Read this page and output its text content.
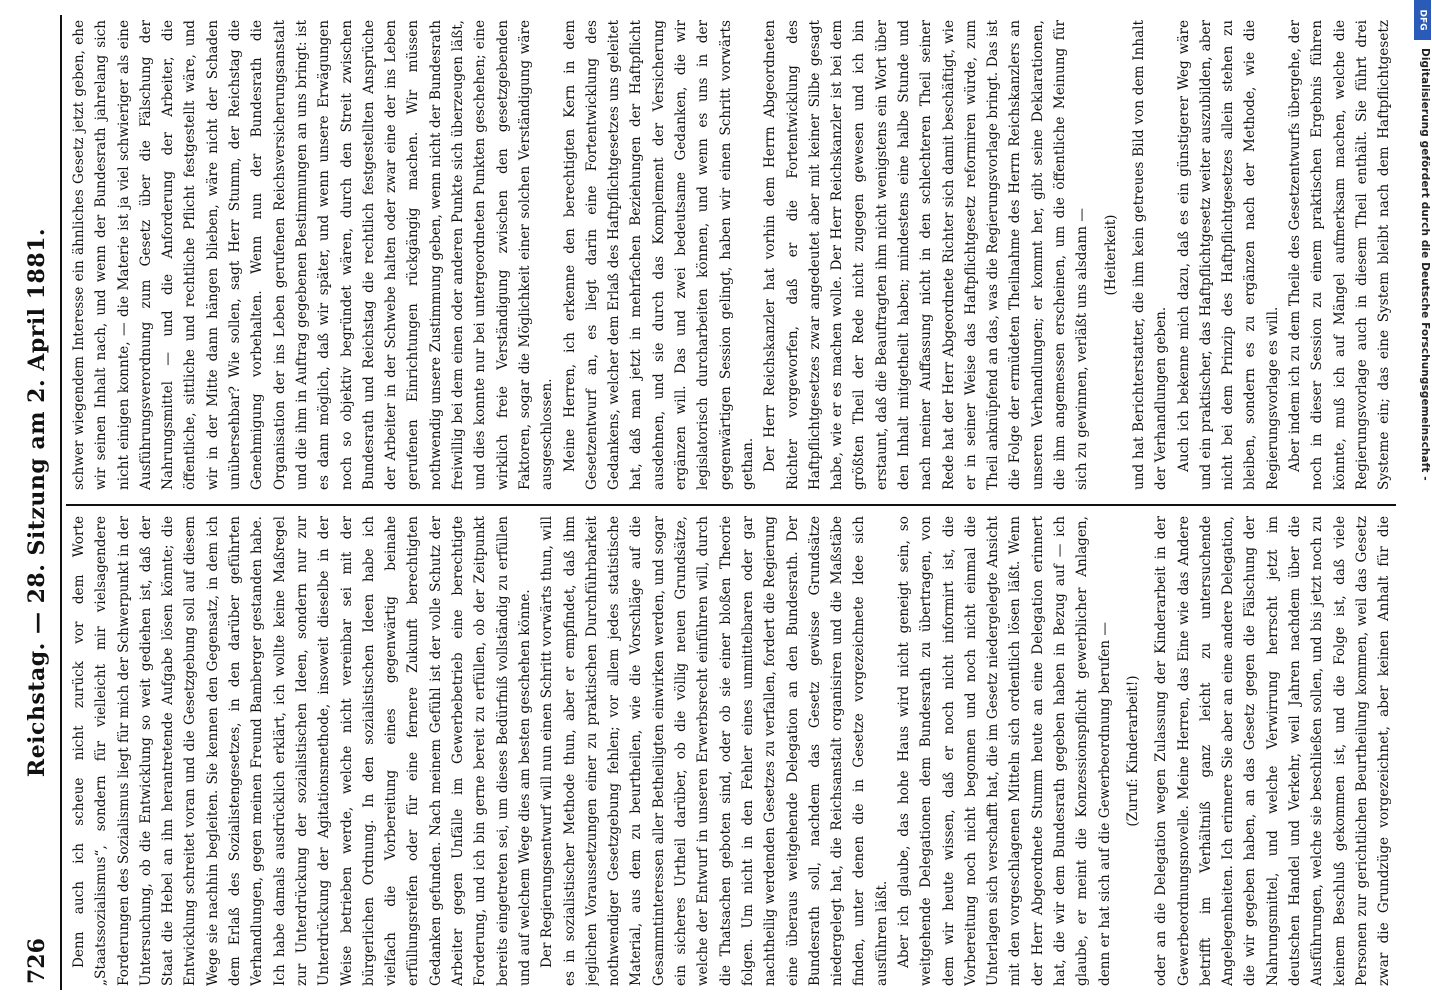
DFG
Digitalisierung gefördert durch die Deutsche Forschungsgemeinschaft -
726
Reichstag. — 28. Sitzung am 2. April 1881. Denn auch ich scheue nicht zurück vor dem Worte „Staatssozialismus“, sondern für vielleicht mir vielsagendere Forderungen des Sozialismus liegt für mich der Schwerpunkt in der Untersuchung, ob die Entwicklung so weit gediehen ist, daß der Staat die Hebel an ihn herantretende Aufgabe lösen könnte; die Entwicklung schreitet voran und die Gesetzgebung soll auf diesem Wege sie nachhin begleiten. Sie kennen den Gegensatz, in dem ich dem Erlaß des Sozialistengesetzes, in den darüber geführten Verhandlungen, gegen meinen Freund Bamberger gestanden habe. Ich habe damals ausdrücklich erklärt, ich wollte keine Maßregel zur Unterdrückung der sozialistischen Ideen, sondern nur zur Unterdrückung der Agitationsmethode, insoweit dieselbe in der Weise betrieben werde, welche nicht vereinbar sei mit der bürgerlichen Ordnung. In den sozialistischen Ideen habe ich vielfach die Vorbereitung eines gegenwärtig beinahe erfüllungsreifen oder für eine fernere Zukunft berechtigten Gedanken gefunden. Nach meinem Gefühl ist der volle Schutz der Arbeiter gegen Unfälle im Gewerbebetrieb eine berechtigte Forderung, und ich bin gerne bereit zu erfüllen, ob der Zeitpunkt bereits eingetreten sei, um dieses Bedürfniß vollständig zu erfüllen und auf welchem Wege dies am besten geschehen könne. Der Regierungsentwurf will nun einen Schritt vorwärts thun, will es in sozialistischer Methode thun, aber er empfindet, daß ihm jeglichen Voraussetzungen einer zu praktischen Durchführbarkeit nothwendiger Gesetzgebung fehlen; vor allem jedes statistische Material, aus dem zu beurtheilen, wie die Vorschläge auf die Gesammtinteressen aller Betheiligten einwirken werden, und sogar ein sicheres Urtheil darüber, ob die völlig neuen Grundsätze, welche der Entwurf in unseren Erwerbsrecht einführen will, durch die Thatsachen geboten sind, oder ob sie einer bloßen Theorie folgen. Um nicht in den Fehler eines unmittelbaren oder gar nachtheilig werdenden Gesetzes zu verfallen, fordert die Regierung eine überaus weitgehende Delegation an den Bundesrath. Der Bundesrath soll, nachdem das Gesetz gewisse Grundsätze niedergelegt hat, die Reichsanstalt organisiren und die Maßstäbe finden, unter denen die in Gesetze vorgezeichnete Idee sich ausführen läßt. Aber ich glaube, das hohe Haus wird nicht geneigt sein, so weitgehende Delegationen dem Bundesrath zu übertragen, von dem wir heute wissen, daß er noch nicht informirt ist, die Vorbereitung noch nicht begonnen und noch nicht einmal die Unterlagen sich verschafft hat, die im Gesetz niedergelegte Ansicht mit den vorgeschlagenen Mitteln sich ordentlich lösen läßt. Wenn der Herr Abgeordnete Stumm heute an eine Delegation erinnert hat, die wir dem Bundesrath gegeben haben in Bezug auf — ich glaube, er meint die Konzessionspflicht gewerblicher Anlagen, denn er hat sich auf die Gewerbeordnung berufen — (Zuruf: Kinderarbeit!)

oder an die Delegation wegen Zulassung der Kinderarbeit in der Gewerbeordnungsnovelle. Meine Herren, das Eine wie das Andere betrifft im Verhältniß ganz leicht zu untersuchende Angelegenheiten. Ich erinnere Sie aber an eine andere Delegation, die wir gegeben haben, an das Gesetz gegen die Fälschung der Nahrungsmittel, und welche Verwirrung herrscht jetzt im deutschen Handel und Verkehr, weil Jahren nachdem über die Ausführungen, welche sie beschließen sollen, und bis jetzt noch zu keinem Beschluß gekommen ist, und die Folge ist, daß viele Personen zur gerichtlichen Beurtheilung kommen, weil das Gesetz zwar die Grundzüge vorgezeichnet, aber keinen Anhalt für die

schwer wiegendem Interesse ein ähnliches Gesetz jetzt geben, ehe wir seinen Inhalt nach, und wenn der Bundesrath jahrelang sich nicht einigen konnte, — die Materie ist ja viel schwieriger als eine Ausführungsverordnung zum Gesetz über die Fälschung der Nahrungsmittel — und die Anforderung der Arbeiter, die öffentliche, sittliche und rechtliche Pflicht festgestellt wäre, und wir in der Mitte dann hängen blieben, wäre nicht der Schaden unübersehbar? Wie sollen, sagt Herr Stumm, der Reichstag die Genehmigung vorbehalten. Wenn nun der Bundesrath die Organisation der ins Leben gerufenen Reichsversicherungsanstalt und die ihm in Auftrag gegebenen Bestimmungen an uns bringt: ist es dann möglich, daß wir später, und wenn unsere Erwägungen noch so objektiv begründet wären, durch den Streit zwischen Bundesrath und Reichstag die rechtlich festgestellten Ansprüche der Arbeiter in der Schwebe halten oder zwar eine der ins Leben gerufenen Einrichtungen rückgängig machen. Wir müssen nothwendig unsere Zustimmung geben, wenn nicht der Bundesrath freiwillig bei dem einen oder anderen Punkte sich überzeugen läßt, und dies konnte nur bei untergeordneten Punkten geschehen; eine wirklich freie Verständigung zwischen den gesetzgebenden Faktoren, sogar die Möglichkeit einer solchen Verständigung wäre ausgeschlossen. Meine Herren, ich erkenne den berechtigten Kern in dem Gesetzentwurf an, es liegt darin eine Fortentwicklung des Gedankens, welcher dem Erlaß des Haftpflichtgesetzes uns geleitet hat, daß man jetzt in mehrfachen Beziehungen der Haftpflicht ausdehnen, und sie durch das Komplement der Versicherung ergänzen will. Das und zwei bedeutsame Gedanken, die wir legislatorisch durcharbeiten können, und wenn es uns in der gegenwärtigen Session gelingt, haben wir einen Schritt vorwärts gethan. Der Herr Reichskanzler hat vorhin dem Herrn Abgeordneten Richter vorgeworfen, daß er die Fortentwicklung des Haftpflichtgesetzes zwar angedeutet aber mit keiner Silbe gesagt habe, wie er es machen wolle. Der Herr Reichskanzler ist bei dem größten Theil der Rede nicht zugegen gewesen und ich bin erstaunt, daß die Beauftragten ihm nicht wenigstens ein Wort über den Inhalt mitgetheilt haben; mindestens eine halbe Stunde und nach meiner Auffassung nicht in den schlechteren Theil seiner Rede hat der Herr Abgeordnete Richter sich damit beschäftigt, wie er in seiner Weise das Haftpflichtgesetz reformiren würde, zum Theil anknüpfend an das, was die Regierungsvorlage bringt. Das ist die Folge der ermüdeten Theilnahme des Herrn Reichskanzlers an unseren Verhandlungen; er kommt her, gibt seine Deklarationen, die ihm angemessen erscheinen, um die öffentliche Meinung für sich zu gewinnen, verläßt uns alsdann — (Heiterkeit) und hat Berichterstatter, die ihm kein getreues Bild von dem Inhalt der Verhandlungen geben. Auch ich bekenne mich dazu, daß es ein günstigerer Weg wäre und ein praktischer, das Haftpflichtgesetz weiter auszubilden, aber nicht bei dem Prinzip des Haftpflichtgesetzes allein stehen zu bleiben, sondern es zu ergänzen nach der Methode, wie die Regierungsvorlage es will. Aber indem ich zu dem Theile des Gesetzentwurfs übergehe, der noch in dieser Session zu einem praktischen Ergebnis führen könnte, muß ich auf Mängel aufmerksam machen, welche die Regierungsvorlage auch in diesem Theil enthält. Sie führt drei Systeme ein; das eine System bleibt nach dem Haftpflichtgesetz
